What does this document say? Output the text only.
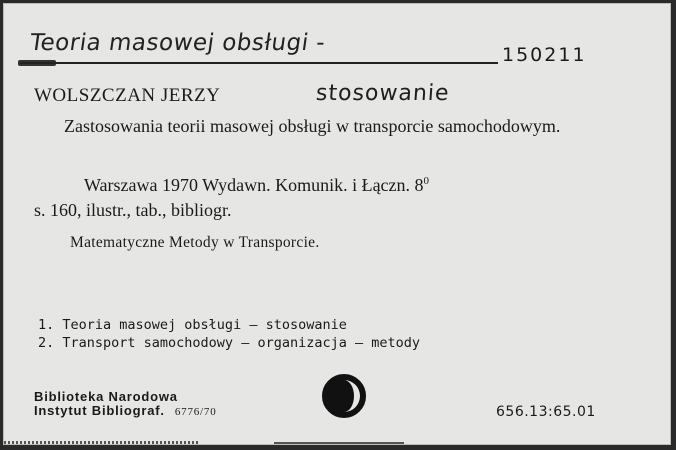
Teoria masowej obsługi -	150211
WOLSZCZAN JERZY	stosowanie
Zastosowania teorii masowej obsługi w transporcie samochodowym.
Warszawa 1970 Wydawn. Komunik. i Łączn. $8^0$
s. 160, ilustr., tab., bibliogr.
Matematyczne Metody w Transporcie.
1. Teoria masowej obsługi — stosowanie
2. Transport samochodowy — organizacja — metody
Biblioteka Narodowa
Instytut Bibliograf. 6776/70	656.13:65.01
